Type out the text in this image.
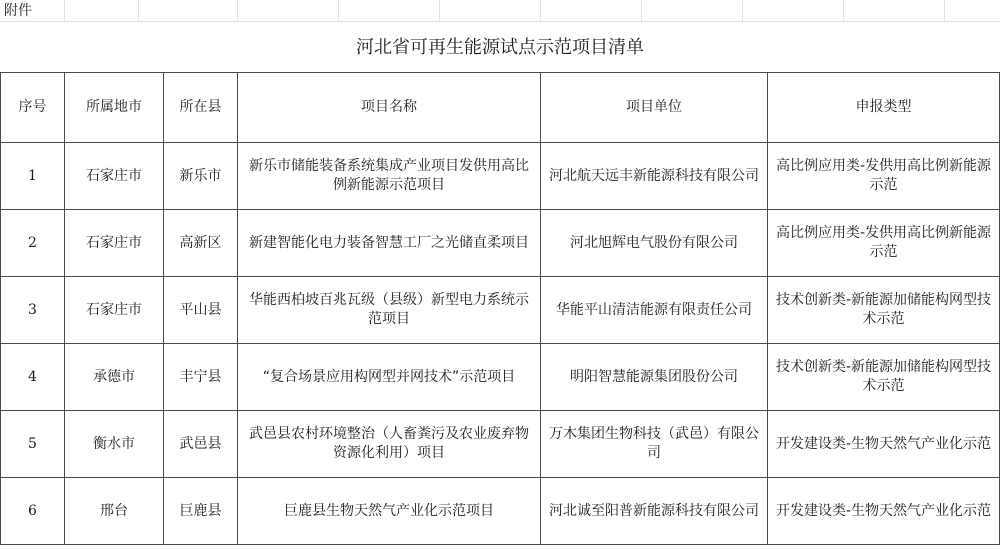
附件
河北省可再生能源试点示范项目清单					
序号	所属地市	所在县	项目名称	项目单位	申报类型
1	石家庄市	新乐市	新乐市储能装备系统集成产业项目发供用高比例新能源示范项目	河北航天远丰新能源科技有限公司	高比例应用类-发供用高比例新能源示范
2	石家庄市	高新区	新建智能化电力装备智慧工厂之光储直柔项目	河北旭辉电气股份有限公司	高比例应用类-发供用高比例新能源示范
3	石家庄市	平山县	华能西柏坡百兆瓦级（县级）新型电力系统示范项目	华能平山清洁能源有限责任公司	技术创新类-新能源加储能构网型技术示范
4	承德市	丰宁县	“复合场景应用构网型并网技术”示范项目	明阳智慧能源集团股份公司	技术创新类-新能源加储能构网型技术示范
5	衡水市	武邑县	武邑县农村环境整治（人畜粪污及农业废弃物资源化利用）项目	万木集团生物科技（武邑）有限公司	开发建设类-生物天然气产业化示范
6	邢台	巨鹿县	巨鹿县生物天然气产业化示范项目	河北诚至阳普新能源科技有限公司	开发建设类-生物天然气产业化示范
